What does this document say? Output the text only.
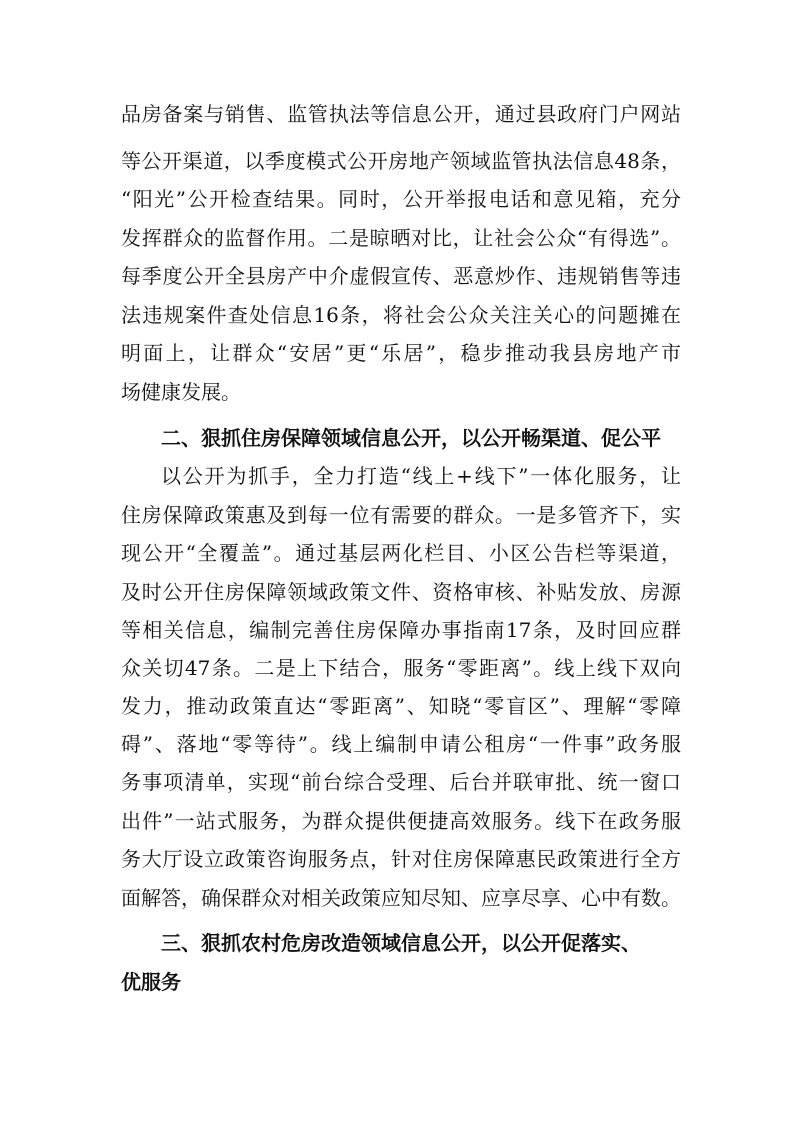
品房备案与销售、监管执法等信息公开，通过县政府门户网站
等公开渠道，以季度模式公开房地产领域监管执法信息48条，
“阳光”公开检查结果。同时，公开举报电话和意见箱，充分
发挥群众的监督作用。二是晾晒对比，让社会公众“有得选”。
每季度公开全县房产中介虚假宣传、恶意炒作、违规销售等违
法违规案件查处信息16条，将社会公众关注关心的问题摊在
明面上，让群众“安居”更“乐居”，稳步推动我县房地产市
场健康发展。
二、狠抓住房保障领域信息公开，以公开畅渠道、促公平
以公开为抓手，全力打造“线上+线下”一体化服务，让
住房保障政策惠及到每一位有需要的群众。一是多管齐下，实
现公开“全覆盖”。通过基层两化栏目、小区公告栏等渠道，
及时公开住房保障领域政策文件、资格审核、补贴发放、房源
等相关信息，编制完善住房保障办事指南17条，及时回应群
众关切47条。二是上下结合，服务“零距离”。线上线下双向
发力，推动政策直达“零距离”、知晓“零盲区”、理解“零障
碍”、落地“零等待”。线上编制申请公租房“一件事”政务服
务事项清单，实现“前台综合受理、后台并联审批、统一窗口
出件”一站式服务，为群众提供便捷高效服务。线下在政务服
务大厅设立政策咨询服务点，针对住房保障惠民政策进行全方
面解答，确保群众对相关政策应知尽知、应享尽享、心中有数。
三、狠抓农村危房改造领域信息公开，以公开促落实、
优服务
